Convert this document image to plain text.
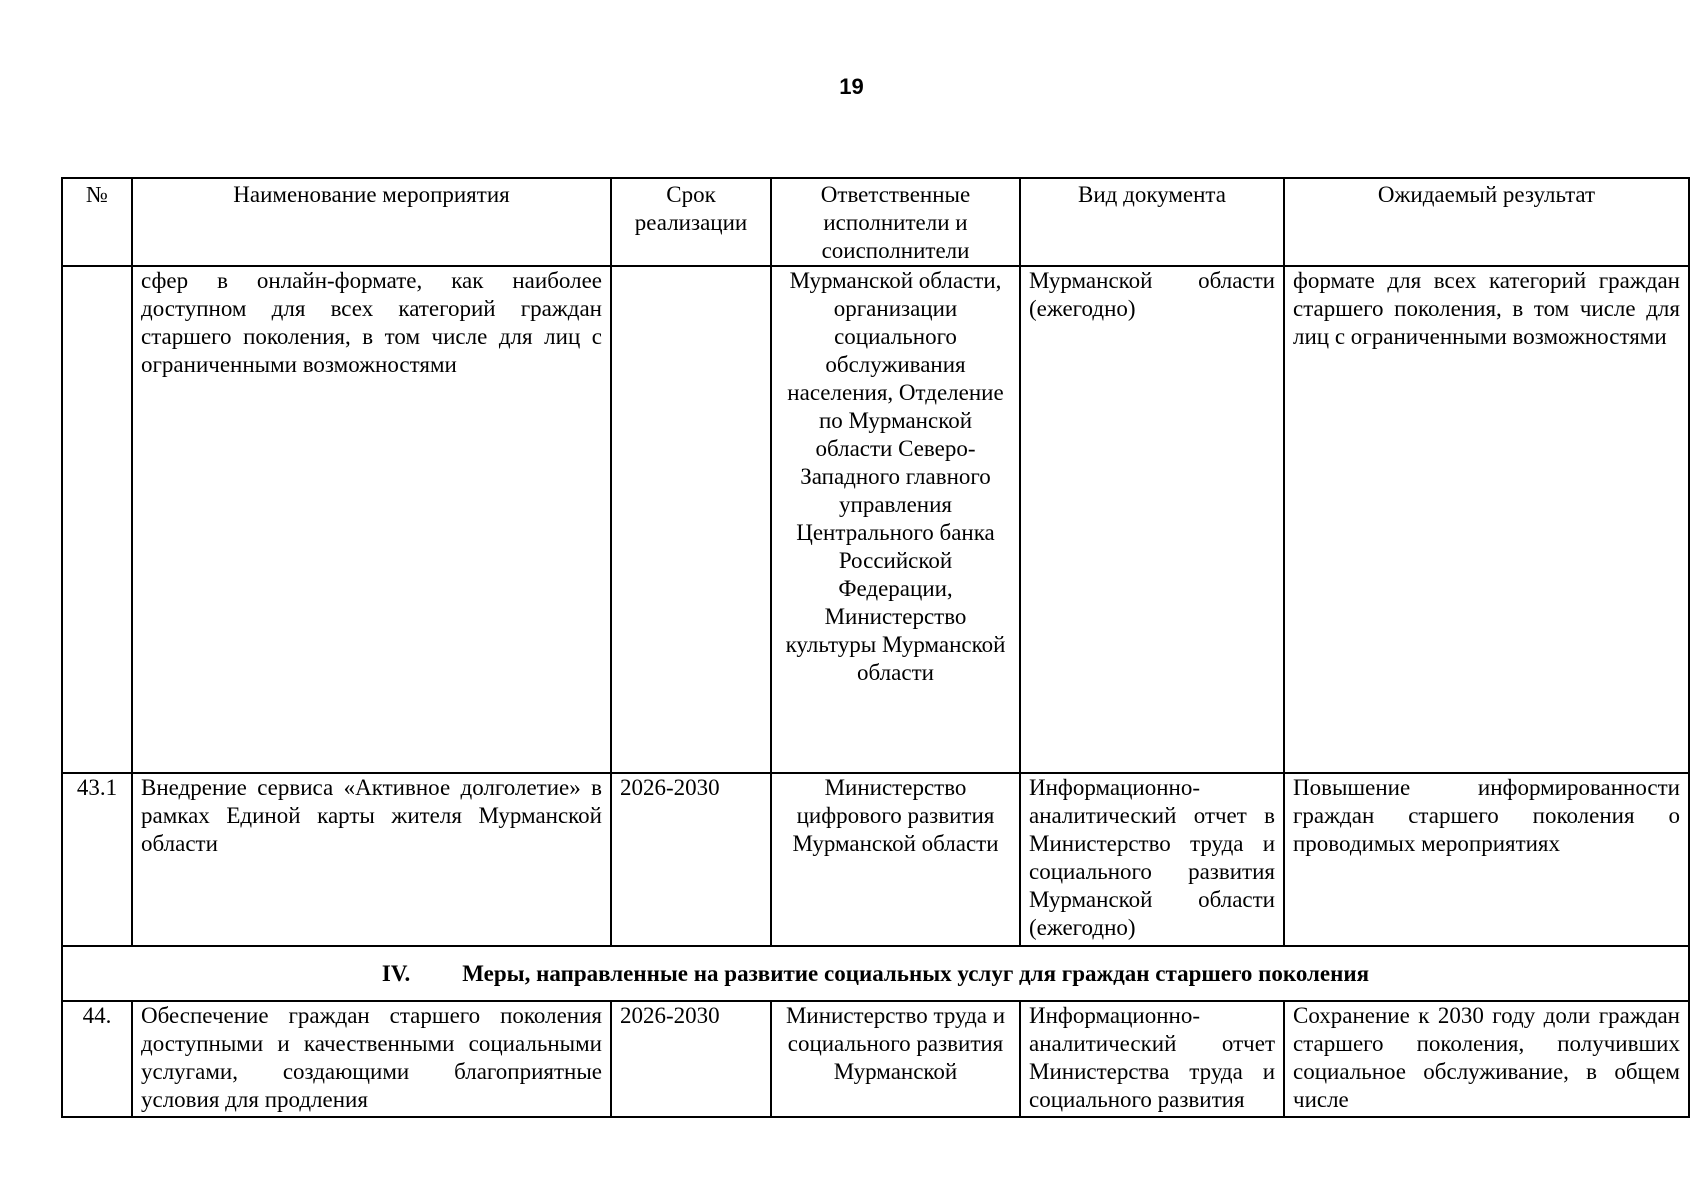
19
№	Наименование мероприятия	Срок реализации	Ответственные исполнители и соисполнители	Вид документа	Ожидаемый результат
	сфер в онлайн-формате, как наиболее доступном для всех категорий граждан старшего поколения, в том числе для лиц с ограниченными возможностями		Мурманской области, организации социального обслуживания населения, Отделение по Мурманской области Северо-Западного главного управления Центрального банка Российской Федерации, Министерство культуры Мурманской области	Мурманской области (ежегодно)	формате для всех категорий граждан старшего поколения, в том числе для лиц с ограниченными возможностями
43.1	Внедрение сервиса «Активное долголетие» в рамках Единой карты жителя Мурманской области	2026-2030	Министерство цифрового развития Мурманской области	Информационно-аналитический отчет в Министерство труда и социального развития Мурманской области (ежегодно)	Повышение информированности граждан старшего поколения о проводимых мероприятиях
IV. Меры, направленные на развитие социальных услуг для граждан старшего поколения					
44.	Обеспечение граждан старшего поколения доступными и качественными социальными услугами, создающими благоприятные условия для продления	2026-2030	Министерство труда и социального развития Мурманской	Информационно-аналитический отчет Министерства труда и социального развития	Сохранение к 2030 году доли граждан старшего поколения, получивших социальное обслуживание, в общем числе
